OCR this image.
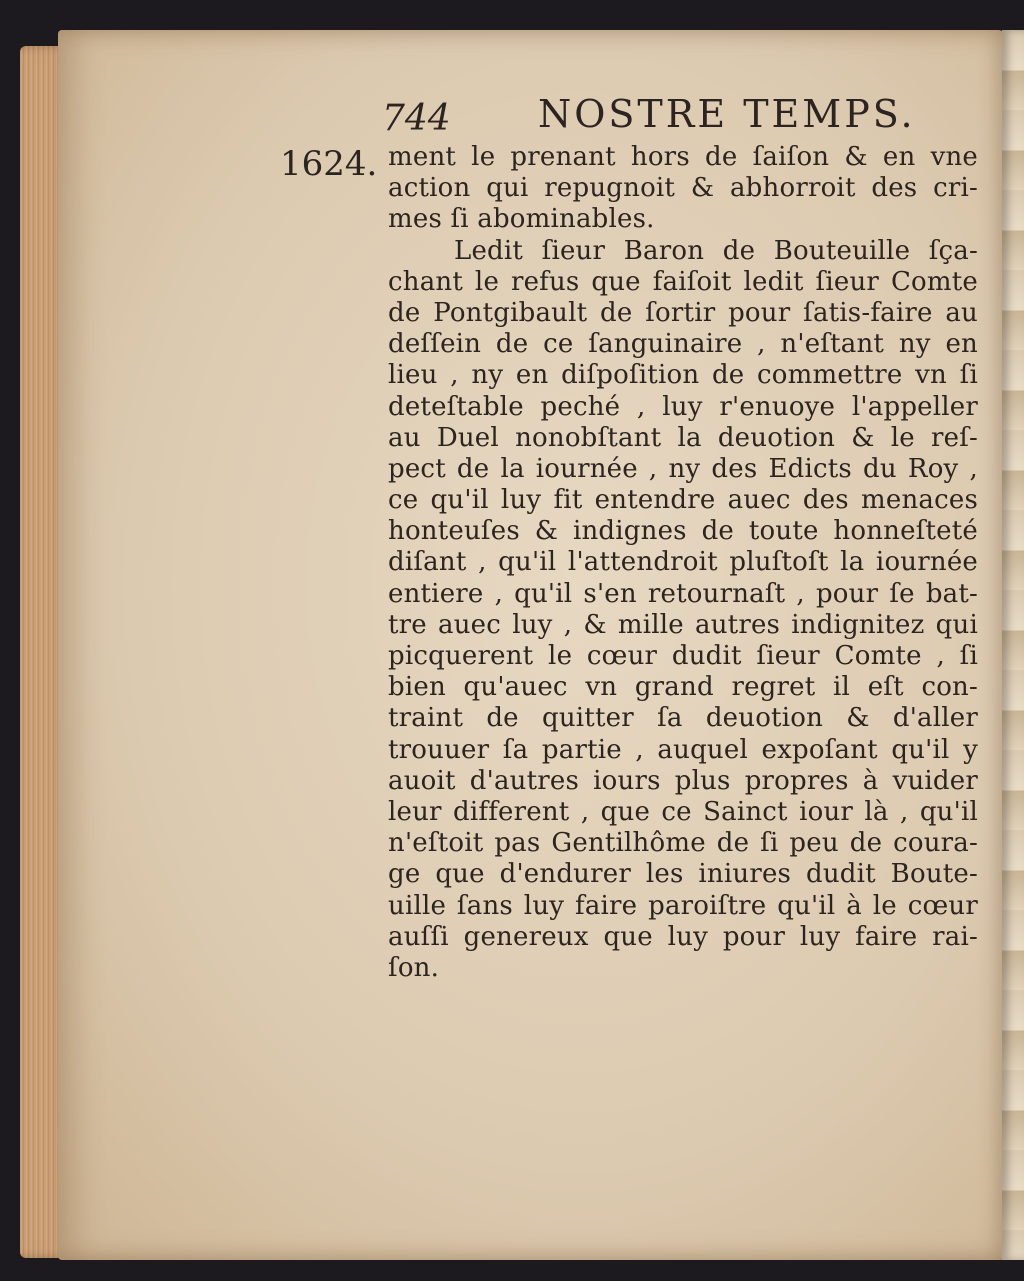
744 NOSTRE TEMPS.
1624. ment le prenant hors de ſaiſon & en vne
action qui repugnoit & abhorroit des cri-
mes ſi abominables.
Ledit ſieur Baron de Bouteuille ſça-
chant le refus que faiſoit ledit ſieur Comte
de Pontgibault de ſortir pour ſatis-faire au
deſſein de ce ſanguinaire , n'eſtant ny en
lieu , ny en diſpoſition de commettre vn ſi
deteſtable peché , luy r'enuoye l'appeller
au Duel nonobſtant la deuotion & le reſ-
pect de la iournée , ny des Edicts du Roy ,
ce qu'il luy fit entendre auec des menaces
honteuſes & indignes de toute honneſteté
diſant , qu'il l'attendroit pluſtoſt la iournée
entiere , qu'il s'en retournaſt , pour ſe bat-
tre auec luy , & mille autres indignitez qui
picquerent le cœur dudit ſieur Comte , ſi
bien qu'auec vn grand regret il eſt con-
traint de quitter ſa deuotion & d'aller
trouuer ſa partie , auquel expoſant qu'il y
auoit d'autres iours plus propres à vuider
leur different , que ce Sainct iour là , qu'il
n'eſtoit pas Gentilhôme de ſi peu de coura-
ge que d'endurer les iniures dudit Boute-
uille ſans luy faire paroiſtre qu'il à le cœur
auſſi genereux que luy pour luy faire rai-
ſon.
